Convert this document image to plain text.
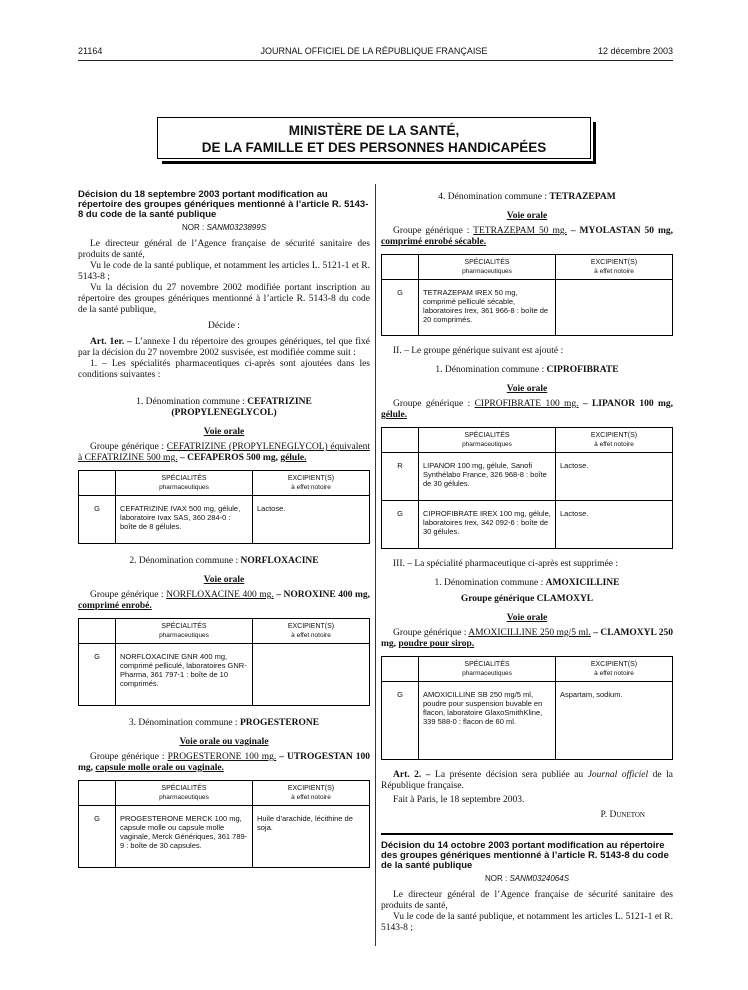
21164	JOURNAL OFFICIEL DE LA RÉPUBLIQUE FRANÇAISE	12 décembre 2003
MINISTÈRE DE LA SANTÉ,
DE LA FAMILLE ET DES PERSONNES HANDICAPÉES

Décision du 18 septembre 2003 portant modification au répertoire des groupes génériques mentionné à l’article R. 5143-8 du code de la santé publique

NOR : SANM0323899S

Le directeur général de l’Agence française de sécurité sanitaire des produits de santé,

Vu le code de la santé publique, et notamment les articles L. 5121-1 et R. 5143-8 ;

Vu la décision du 27 novembre 2002 modifiée portant inscription au répertoire des groupes génériques mentionné à l’article R. 5143-8 du code de la santé publique,

Décide :

Art. 1er. – L’annexe I du répertoire des groupes génériques, tel que fixé par la décision du 27 novembre 2002 susvisée, est modifiée comme suit :

1. – Les spécialités pharmaceutiques ci-après sont ajoutées dans les conditions suivantes :

1. Dénomination commune : CEFATRIZINE
(PROPYLENEGLYCOL)

Voie orale

Groupe générique : CEFATRIZINE (PROPYLENEGLYCOL) équivalent à CEFATRIZINE 500 mg. – CEFAPEROS 500 mg, gélule.

	SPÉCIALITÉS
pharmaceutiques	EXCIPIENT(S)
à effet notoire

G	CEFATRIZINE IVAX 500 mg, gélule, laboratoire Ivax SAS, 360 284-0 : boîte de 8 gélules.	Lactose.

2. Dénomination commune : NORFLOXACINE

Voie orale

Groupe générique : NORFLOXACINE 400 mg. – NOROXINE 400 mg, comprimé enrobé.

	SPÉCIALITÉS
pharmaceutiques	EXCIPIENT(S)
à effet notoire

G	NORFLOXACINE GNR 400 mg, comprimé pelliculé, laboratoires GNR-Pharma, 361 797-1 : boîte de 10 comprimés.	

3. Dénomination commune : PROGESTERONE

Voie orale ou vaginale

Groupe générique : PROGESTERONE 100 mg. – UTROGESTAN 100 mg, capsule molle orale ou vaginale.

	SPÉCIALITÉS
pharmaceutiques	EXCIPIENT(S)
à effet notoire

G	PROGESTERONE MERCK 100 mg, capsule molle ou capsule molle vaginale, Merck Génériques, 361 789-9 : boîte de 30 capsules.	Huile d’arachide, lécithine de soja.

4. Dénomination commune : TETRAZEPAM

Voie orale

Groupe générique : TETRAZEPAM 50 mg. – MYOLASTAN 50 mg, comprimé enrobé sécable.

	SPÉCIALITÉS
pharmaceutiques	EXCIPIENT(S)
à effet notoire

G	TETRAZEPAM IREX 50 mg, comprimé pelliculé sécable, laboratoires Irex, 361 966-8 : boîte de 20 comprimés.	

II. – Le groupe générique suivant est ajouté :

1. Dénomination commune : CIPROFIBRATE

Voie orale

Groupe générique : CIPROFIBRATE 100 mg. – LIPANOR 100 mg, gélule.

	SPÉCIALITÉS
pharmaceutiques	EXCIPIENT(S)
à effet notoire

R	LIPANOR 100 mg, gélule, Sanofi Synthélabo France, 326 968-8 : boîte de 30 gélules.	Lactose.
G	CIPROFIBRATE IREX 100 mg, gélule, laboratoires Irex, 342 092-6 : boîte de 30 gélules.	Lactose.

III. – La spécialité pharmaceutique ci-après est supprimée :

1. Dénomination commune : AMOXICILLINE

Groupe générique CLAMOXYL

Voie orale

Groupe générique : AMOXICILLINE 250 mg/5 ml. – CLAMOXYL 250 mg, poudre pour sirop.

	SPÉCIALITÉS
pharmaceutiques	EXCIPIENT(S)
à effet notoire

G	AMOXICILLINE SB 250 mg/5 ml, poudre pour suspension buvable en flacon, laboratoire GlaxoSmithKline, 339 588-0 : flacon de 60 ml.	Aspartam, sodium.

Art. 2. – La présente décision sera publiée au Journal officiel de la République française.

Fait à Paris, le 18 septembre 2003.

P. Duneton

Décision du 14 octobre 2003 portant modification au répertoire des groupes génériques mentionné à l’article R. 5143-8 du code de la santé publique

NOR : SANM0324064S

Le directeur général de l’Agence française de sécurité sanitaire des produits de santé,

Vu le code de la santé publique, et notamment les articles L. 5121-1 et R. 5143-8 ;
